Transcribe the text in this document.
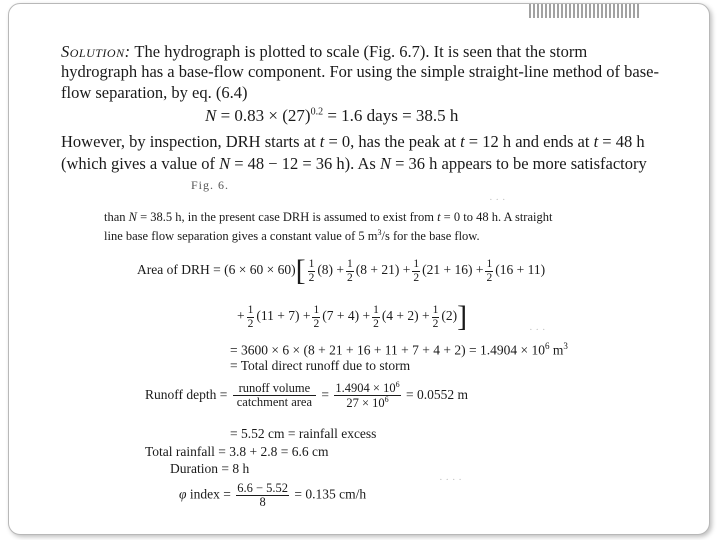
Solution: The hydrograph is plotted to scale (Fig. 6.7). It is seen that the storm
hydrograph has a base-flow component. For using the simple straight-line method of base-
flow separation, by eq. (6.4)
$N = 0.83 \times (27)^{0.2} = 1.6$ days = 38.5 h
However, by inspection, DRH starts at t = 0, has the peak at t = 12 h and ends at t = 48 h
(which gives a value of N = 48 − 12 = 36 h). As N = 36 h appears to be more satisfactory
Fig. 6.
than N = 38.5 h, in the present case DRH is assumed to exist from t = 0 to 48 h. A straight
line base flow separation gives a constant value of 5 $m^3/s$ for the base flow.
Area of DRH = $(6 \times 60 \times 60)[ \frac{1}{2} (8) + \frac{1}{2} (8 + 21) + \frac{1}{2} (21 + 16) + \frac{1}{2} (16 + 11)$
+ $\frac{1}{2} (11 + 7) + \frac{1}{2} (7 + 4) + \frac{1}{2} (4 + 2) + \frac{1}{2} (2)$]
= $3600 \times 6 \times (8 + 21 + 16 + 11 + 7 + 4 + 2) = 1.4904 \times 10^6$ $m^3$
= Total direct runoff due to storm
Runoff depth = $\frac{\text{runoff volume}}{\text{catchment area}} = \frac{1.4904 \times 10^6}{27 \times 10^6} = 0.0552$ m
= 5.52 cm = rainfall excess
Total rainfall = 3.8 + 2.8 = 6.6 cm
Duration = 8 h
φ index = $\frac{6.6 - 5.52}{8} = 0.135$ cm/h
· · ·
· · ·
· · · ·
